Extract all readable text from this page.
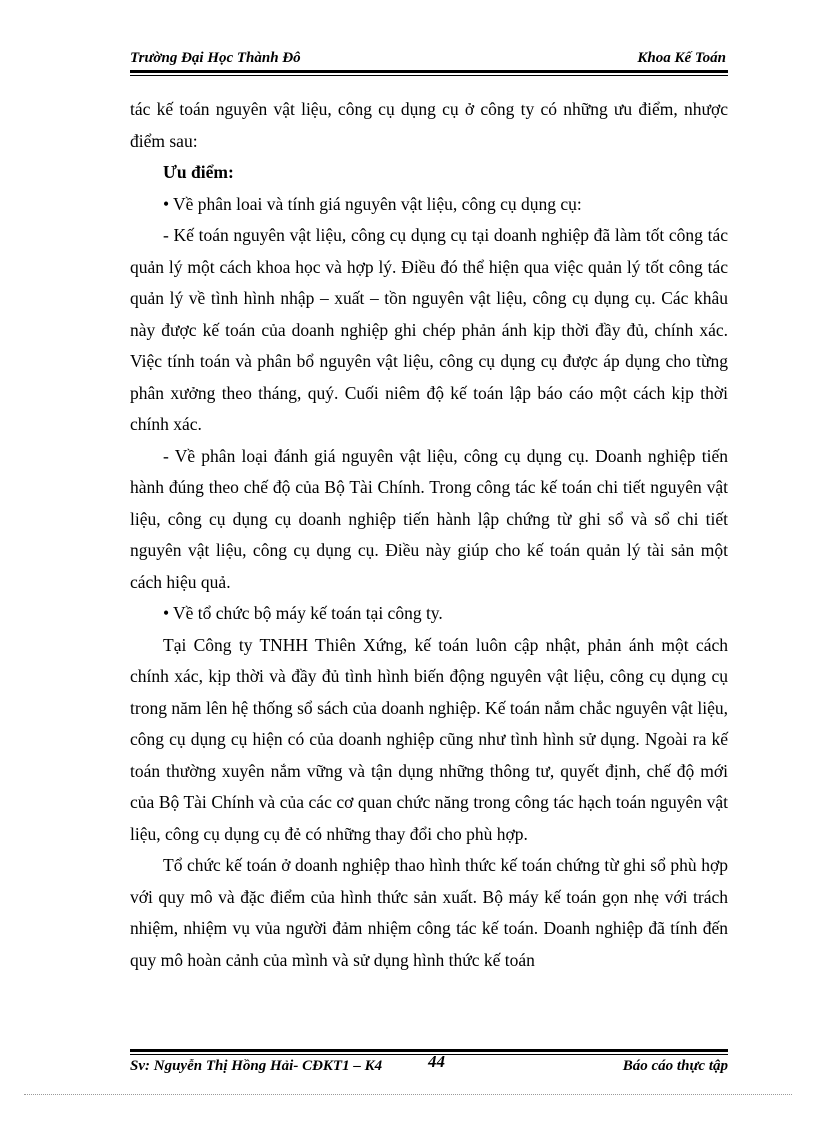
Trường Đại Học Thành Đô	Khoa Kế Toán

tác kế toán nguyên vật liệu, công cụ dụng cụ ở công ty có những ưu điểm, nhược điểm sau:

Ưu điểm:

• Về phân loai và tính giá nguyên vật liệu, công cụ dụng cụ:

- Kế toán nguyên vật liệu, công cụ dụng cụ tại doanh nghiệp đã làm tốt công tác quản lý một cách khoa học và hợp lý. Điều đó thể hiện qua việc quản lý tốt công tác quản lý về tình hình nhập – xuất – tồn nguyên vật liệu, công cụ dụng cụ. Các khâu này được kế toán của doanh nghiệp ghi chép phản ánh kịp thời đầy đủ, chính xác. Việc tính toán và phân bổ nguyên vật liệu, công cụ dụng cụ được áp dụng cho từng phân xưởng theo tháng, quý. Cuối niêm độ kế toán lập báo cáo một cách kịp thời chính xác.

- Về phân loại đánh giá nguyên vật liệu, công cụ dụng cụ. Doanh nghiệp tiến hành đúng theo chế độ của Bộ Tài Chính. Trong công tác kế toán chi tiết nguyên vật liệu, công cụ dụng cụ doanh nghiệp tiến hành lập chứng từ ghi sổ và sổ chi tiết nguyên vật liệu, công cụ dụng cụ. Điều này giúp cho kế toán quản lý tài sản một cách hiệu quả.

• Về tổ chức bộ máy kế toán tại công ty.

Tại Công ty TNHH Thiên Xứng, kế toán luôn cập nhật, phản ánh một cách chính xác, kịp thời và đầy đủ tình hình biến động nguyên vật liệu, công cụ dụng cụ trong năm lên hệ thống sổ sách của doanh nghiệp. Kế toán nắm chắc nguyên vật liệu, công cụ dụng cụ hiện có của doanh nghiệp cũng như tình hình sử dụng. Ngoài ra kế toán thường xuyên nắm vững và tận dụng những thông tư, quyết định, chế độ mới của Bộ Tài Chính và của các cơ quan chức năng trong công tác hạch toán nguyên vật liệu, công cụ dụng cụ đẻ có những thay đổi cho phù hợp.

Tổ chức kế toán ở doanh nghiệp thao hình thức kế toán chứng từ ghi sổ phù hợp với quy mô và đặc điểm của hình thức sản xuất. Bộ máy kế toán gọn nhẹ với trách nhiệm, nhiệm vụ vủa người đảm nhiệm công tác kế toán. Doanh nghiệp đã tính đến quy mô hoàn cảnh của mình và sử dụng hình thức kế toán

Sv: Nguyễn Thị Hồng Hải- CĐKT1 – K4	44	Báo cáo thực tập
